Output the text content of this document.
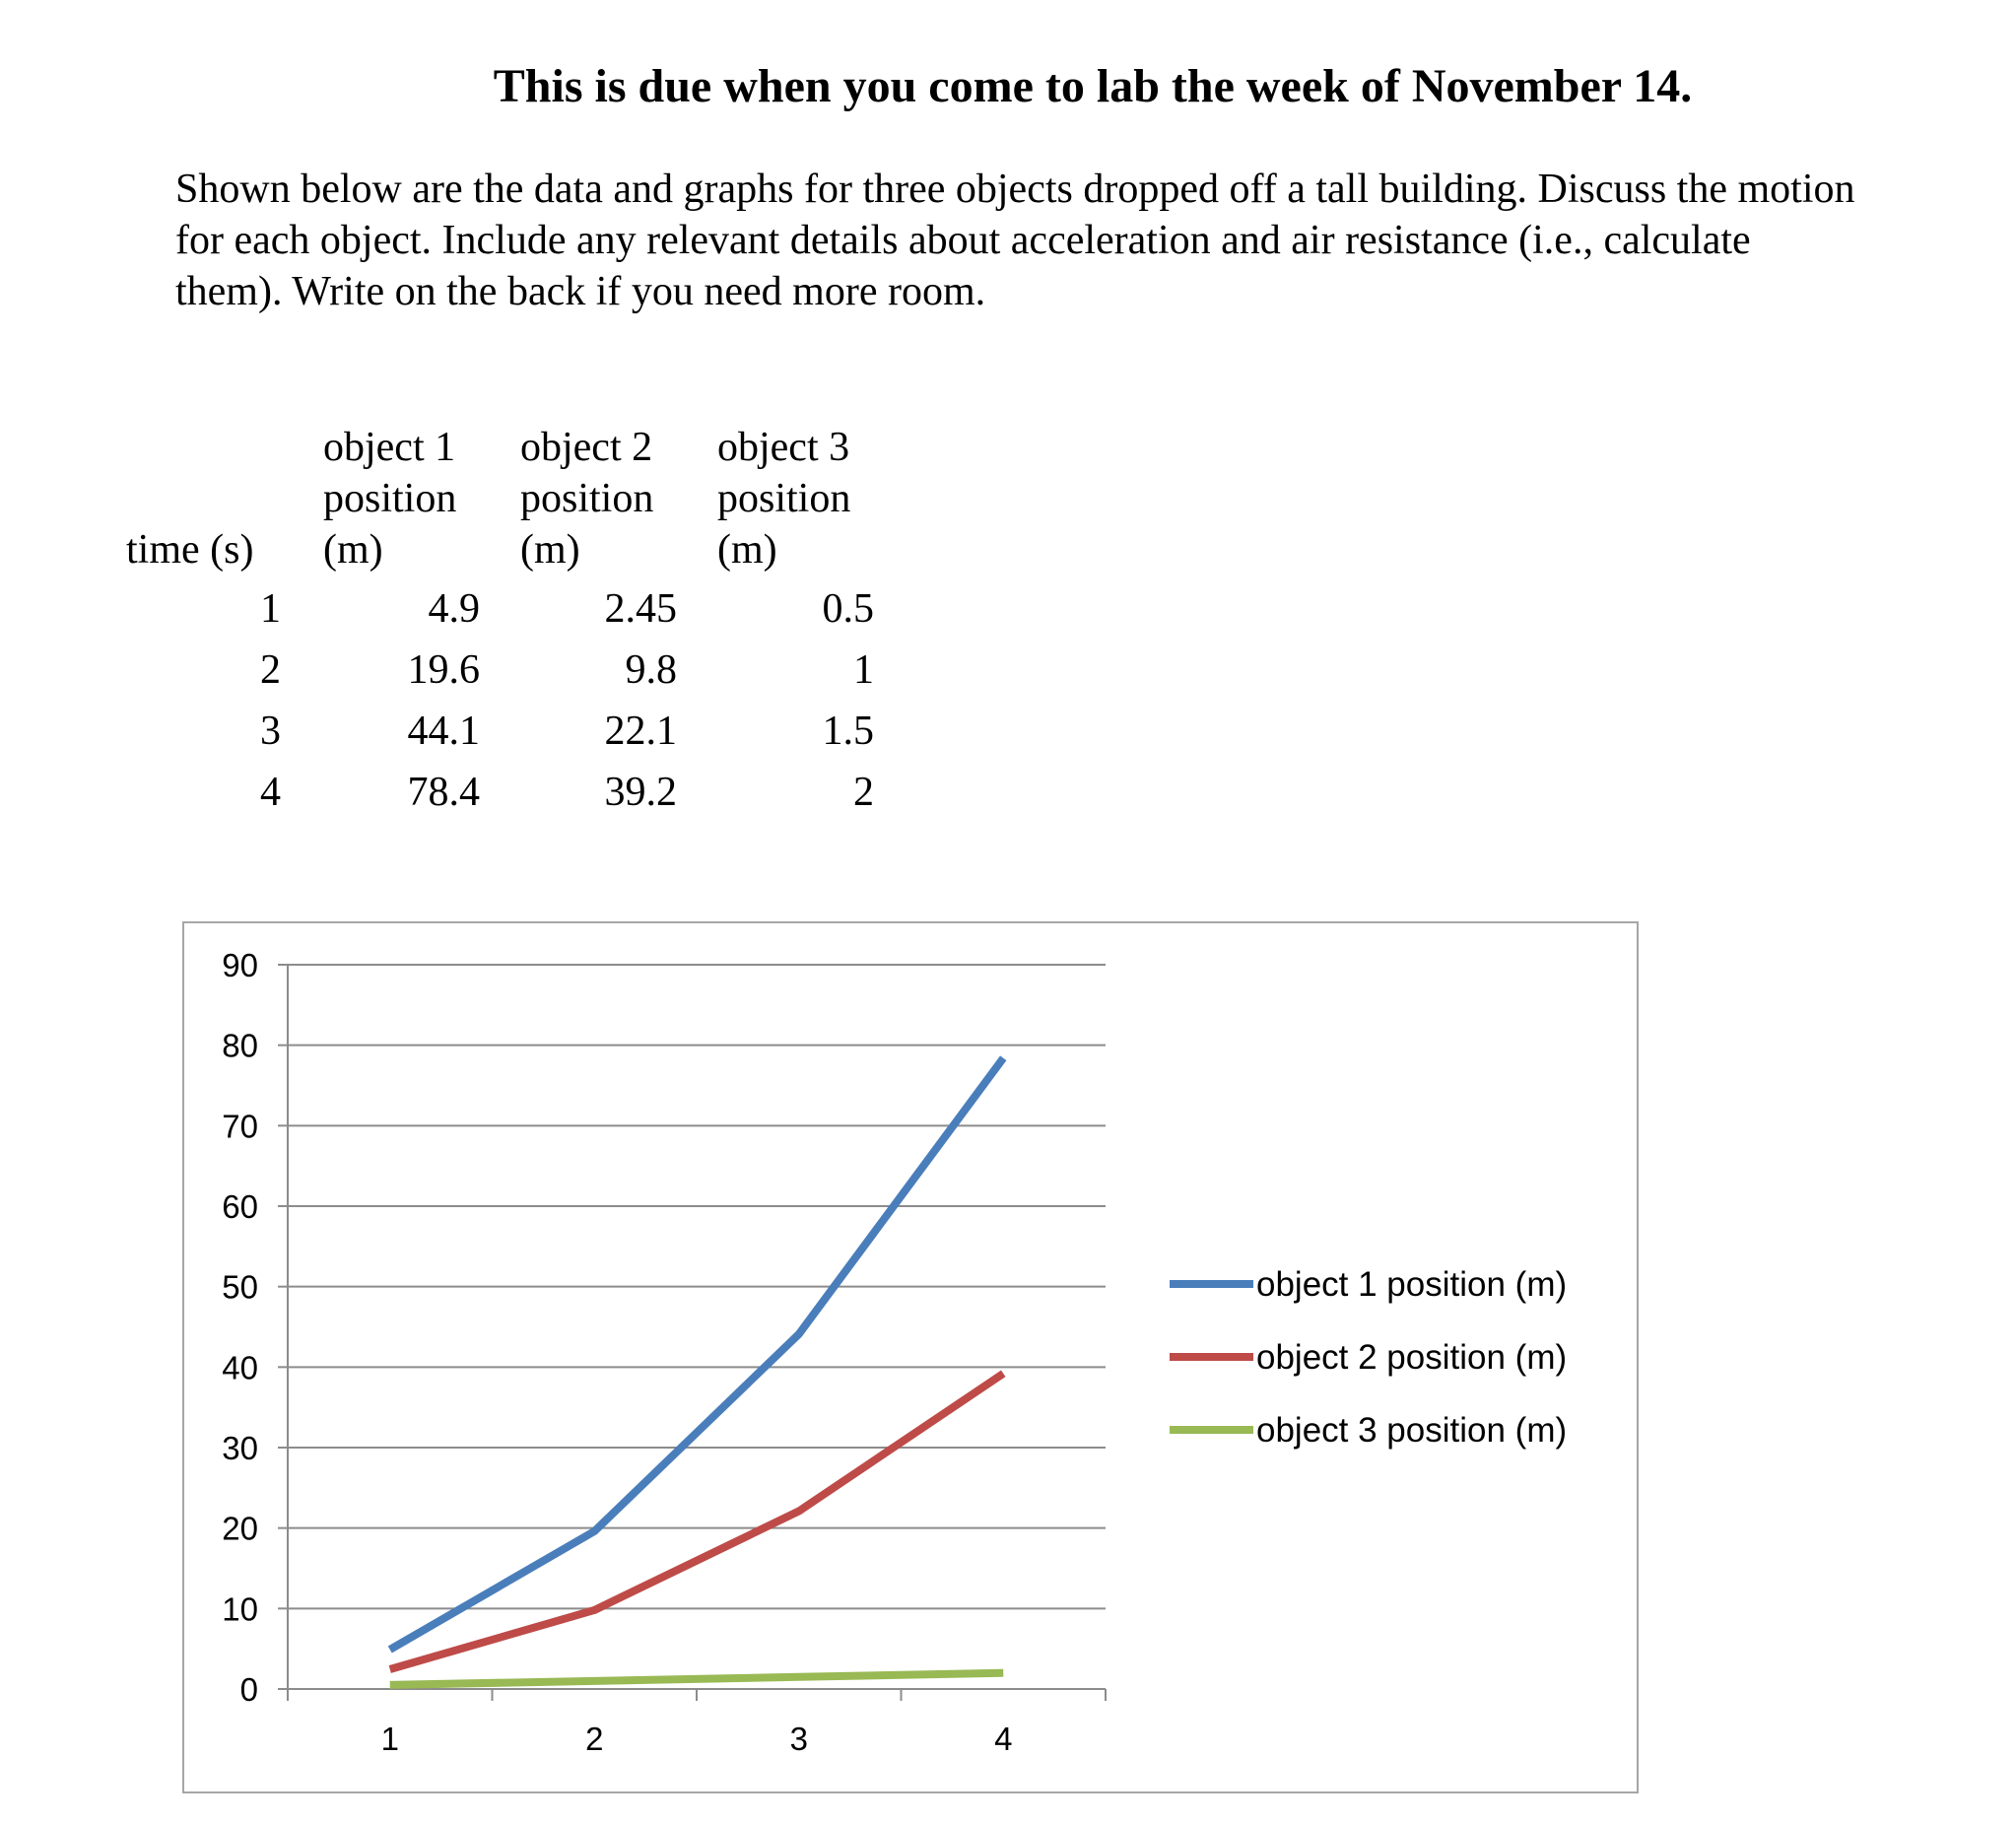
This is due when you come to lab the week of November 14.
Shown below are the data and graphs for three objects dropped off a tall building. Discuss the motion
for each object. Include any relevant details about acceleration and air resistance (i.e., calculate
them). Write on the back if you need more room.
time (s)
object 1
position
(m)
object 2
position
(m)
object 3
position
(m)
1	4.9	2.45	0.5
2	19.6	9.8	1
3	44.1	22.1	1.5
4	78.4	39.2	2
0
10
20
30
40
50
60
70
80
90
1	2	3	4
object 1 position (m)
object 2 position (m)
object 3 position (m)
